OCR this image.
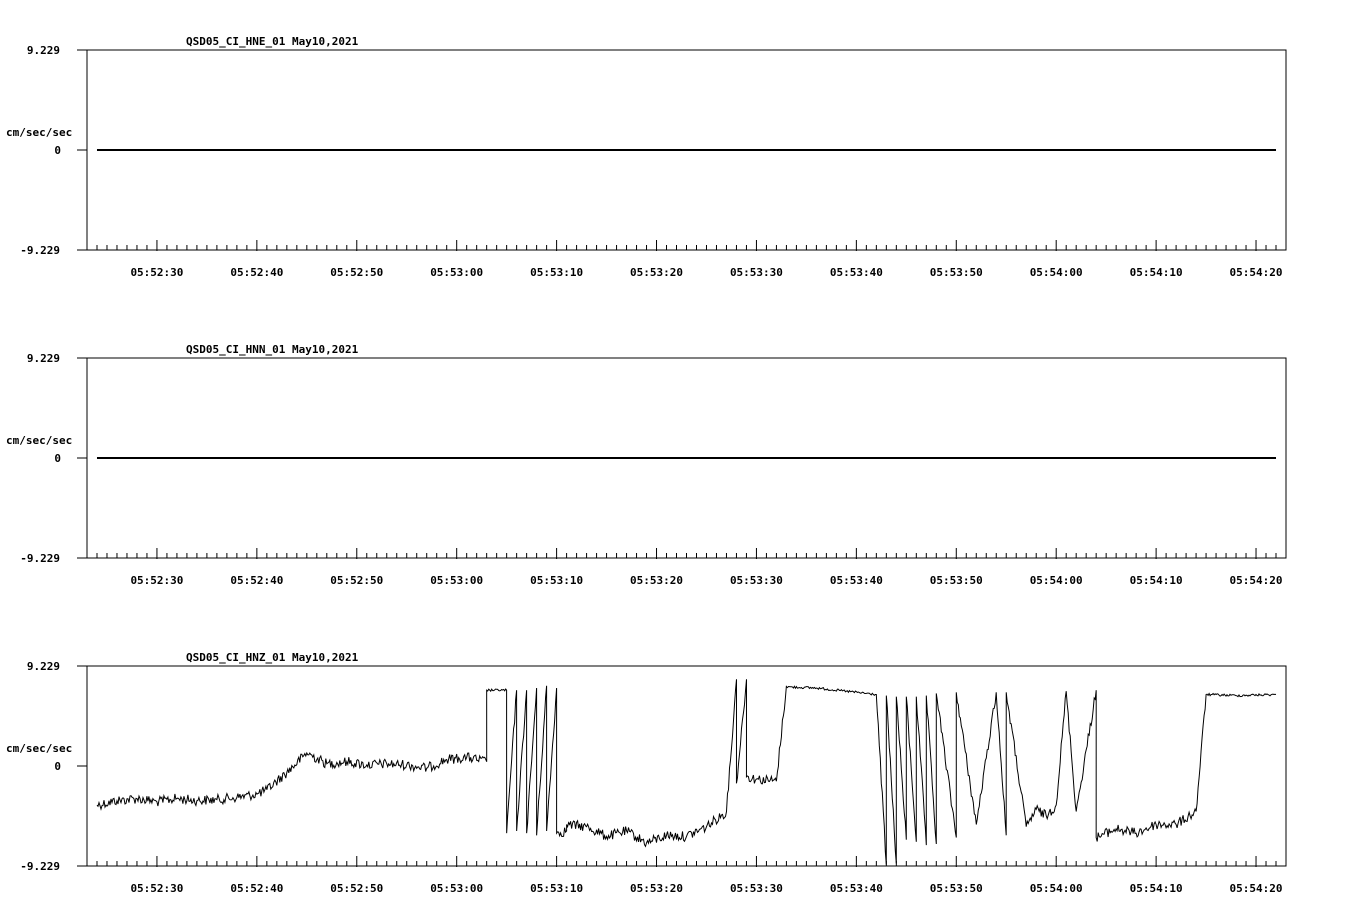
QSD05_CI_HNE_01 May10,2021
9.229
0
-9.229
cm/sec/sec
05:52:30	05:52:40	05:52:50	05:53:00	05:53:10	05:53:20	05:53:30	05:53:40	05:53:50	05:54:00	05:54:10	05:54:20
QSD05_CI_HNN_01 May10,2021
9.229
0
-9.229
cm/sec/sec
05:52:30	05:52:40	05:52:50	05:53:00	05:53:10	05:53:20	05:53:30	05:53:40	05:53:50	05:54:00	05:54:10	05:54:20
QSD05_CI_HNZ_01 May10,2021
9.229
0
-9.229
cm/sec/sec
05:52:30	05:52:40	05:52:50	05:53:00	05:53:10	05:53:20	05:53:30	05:53:40	05:53:50	05:54:00	05:54:10	05:54:20
